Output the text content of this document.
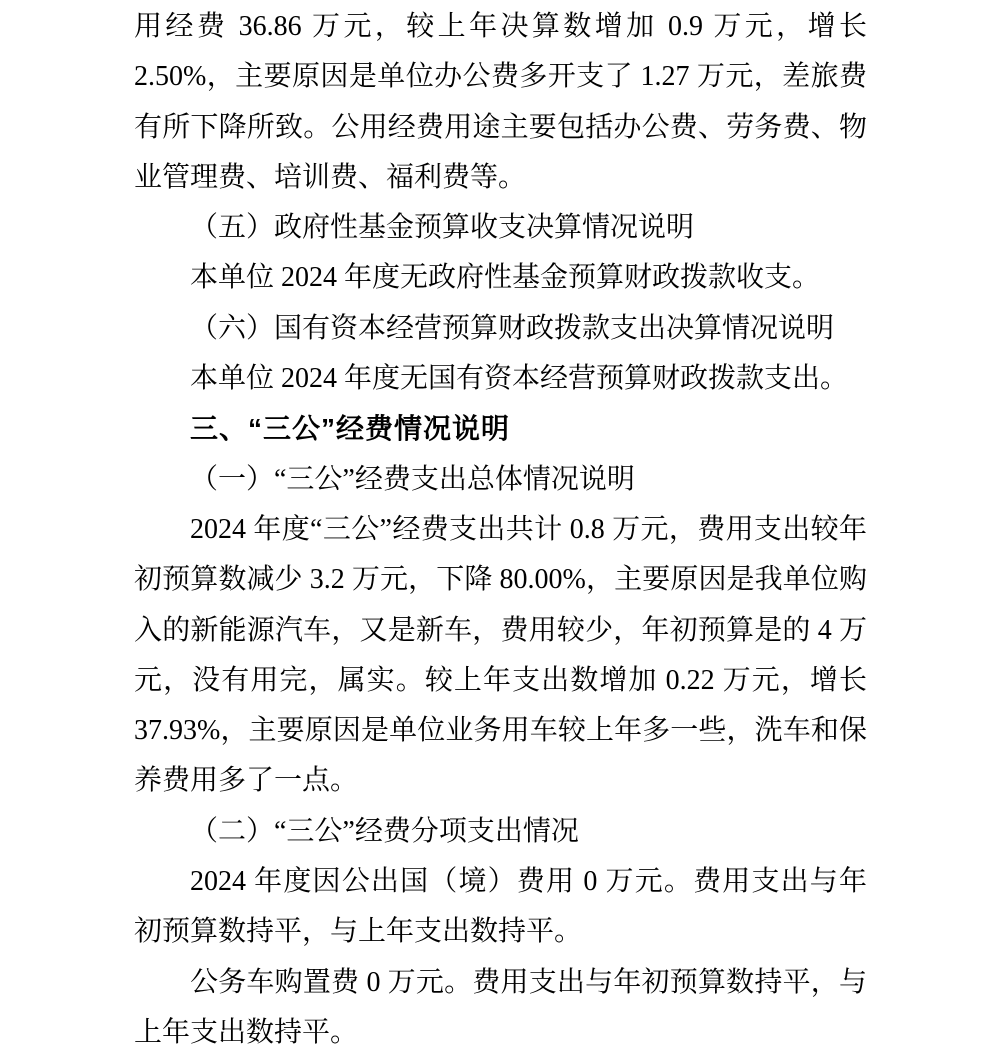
用经费 36.86 万元，较上年决算数增加 0.9 万元，增长 2.50%，主要原因是单位办公费多开支了 1.27 万元，差旅费有所下降所致。公用经费用途主要包括办公费、劳务费、物业管理费、培训费、福利费等。

（五）政府性基金预算收支决算情况说明

本单位 2024 年度无政府性基金预算财政拨款收支。

（六）国有资本经营预算财政拨款支出决算情况说明

本单位 2024 年度无国有资本经营预算财政拨款支出。

三、“三公”经费情况说明

（一）“三公”经费支出总体情况说明

2024 年度“三公”经费支出共计 0.8 万元，费用支出较年初预算数减少 3.2 万元，下降 80.00%，主要原因是我单位购入的新能源汽车，又是新车，费用较少，年初预算是的 4 万元，没有用完，属实。较上年支出数增加 0.22 万元，增长 37.93%，主要原因是单位业务用车较上年多一些，洗车和保养费用多了一点。

（二）“三公”经费分项支出情况

2024 年度因公出国（境）费用 0 万元。费用支出与年初预算数持平，与上年支出数持平。

公务车购置费 0 万元。费用支出与年初预算数持平，与上年支出数持平。
